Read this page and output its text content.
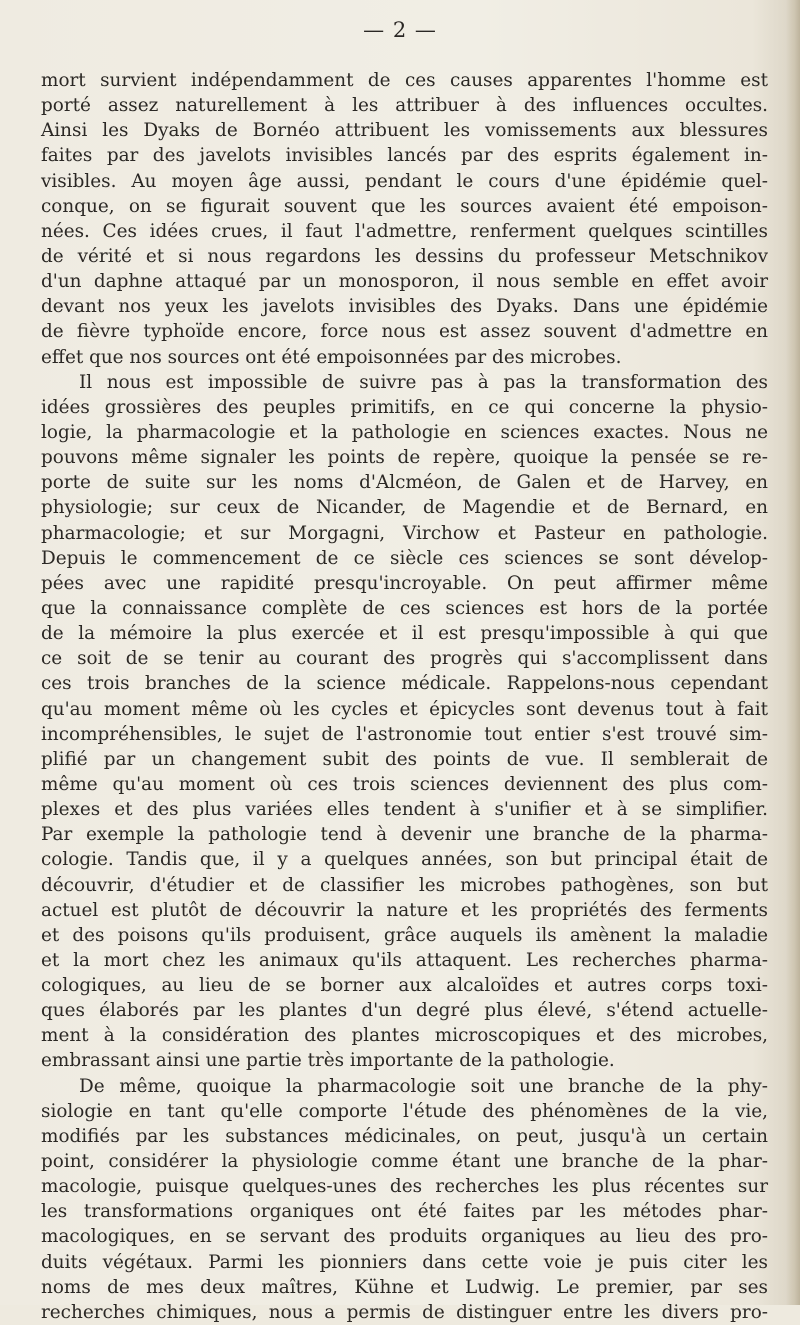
— 2 —
mort survient indépendamment de ces causes apparentes l'homme est
porté assez naturellement à les attribuer à des influences occultes.
Ainsi les Dyaks de Bornéo attribuent les vomissements aux blessures
faites par des javelots invisibles lancés par des esprits également in-
visibles. Au moyen âge aussi, pendant le cours d'une épidémie quel-
conque, on se figurait souvent que les sources avaient été empoison-
nées. Ces idées crues, il faut l'admettre, renferment quelques scintilles
de vérité et si nous regardons les dessins du professeur Metschnikov
d'un daphne attaqué par un monosporon, il nous semble en effet avoir
devant nos yeux les javelots invisibles des Dyaks. Dans une épidémie
de fièvre typhoïde encore, force nous est assez souvent d'admettre en
effet que nos sources ont été empoisonnées par des microbes.
Il nous est impossible de suivre pas à pas la transformation des
idées grossières des peuples primitifs, en ce qui concerne la physio-
logie, la pharmacologie et la pathologie en sciences exactes. Nous ne
pouvons même signaler les points de repère, quoique la pensée se re-
porte de suite sur les noms d'Alcméon, de Galen et de Harvey, en
physiologie; sur ceux de Nicander, de Magendie et de Bernard, en
pharmacologie; et sur Morgagni, Virchow et Pasteur en pathologie.
Depuis le commencement de ce siècle ces sciences se sont dévelop-
pées avec une rapidité presqu'incroyable. On peut affirmer même
que la connaissance complète de ces sciences est hors de la portée
de la mémoire la plus exercée et il est presqu'impossible à qui que
ce soit de se tenir au courant des progrès qui s'accomplissent dans
ces trois branches de la science médicale. Rappelons-nous cependant
qu'au moment même où les cycles et épicycles sont devenus tout à fait
incompréhensibles, le sujet de l'astronomie tout entier s'est trouvé sim-
plifié par un changement subit des points de vue. Il semblerait de
même qu'au moment où ces trois sciences deviennent des plus com-
plexes et des plus variées elles tendent à s'unifier et à se simplifier.
Par exemple la pathologie tend à devenir une branche de la pharma-
cologie. Tandis que, il y a quelques années, son but principal était de
découvrir, d'étudier et de classifier les microbes pathogènes, son but
actuel est plutôt de découvrir la nature et les propriétés des ferments
et des poisons qu'ils produisent, grâce auquels ils amènent la maladie
et la mort chez les animaux qu'ils attaquent. Les recherches pharma-
cologiques, au lieu de se borner aux alcaloïdes et autres corps toxi-
ques élaborés par les plantes d'un degré plus élevé, s'étend actuelle-
ment à la considération des plantes microscopiques et des microbes,
embrassant ainsi une partie très importante de la pathologie.
De même, quoique la pharmacologie soit une branche de la phy-
siologie en tant qu'elle comporte l'étude des phénomènes de la vie,
modifiés par les substances médicinales, on peut, jusqu'à un certain
point, considérer la physiologie comme étant une branche de la phar-
macologie, puisque quelques-unes des recherches les plus récentes sur
les transformations organiques ont été faites par les métodes phar-
macologiques, en se servant des produits organiques au lieu des pro-
duits végétaux. Parmi les pionniers dans cette voie je puis citer les
noms de mes deux maîtres, Kühne et Ludwig. Le premier, par ses
recherches chimiques, nous a permis de distinguer entre les divers pro-
